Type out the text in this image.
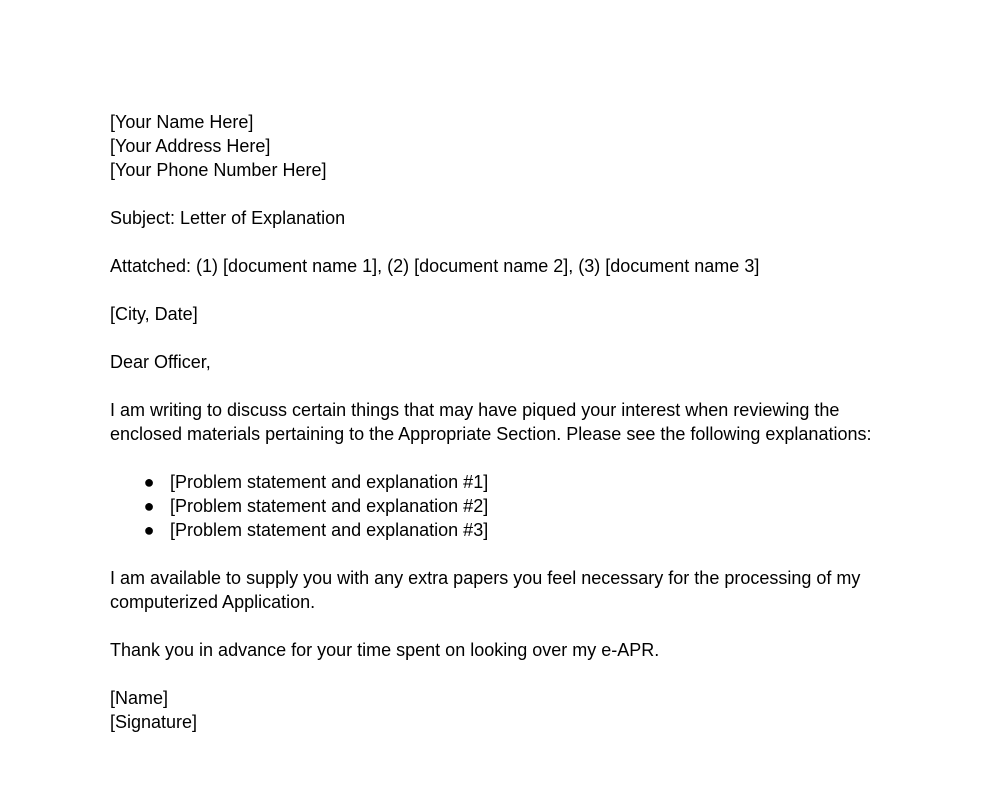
[Your Name Here]
[Your Address Here]
[Your Phone Number Here]
Subject: Letter of Explanation
Attatched: (1) [document name 1], (2) [document name 2], (3) [document name 3]
[City, Date]
Dear Officer,
I am writing to discuss certain things that may have piqued your interest when reviewing the
enclosed materials pertaining to the Appropriate Section. Please see the following explanations:
● [Problem statement and explanation #1]
● [Problem statement and explanation #2]
● [Problem statement and explanation #3]
I am available to supply you with any extra papers you feel necessary for the processing of my
computerized Application.
Thank you in advance for your time spent on looking over my e-APR.
[Name]
[Signature]
